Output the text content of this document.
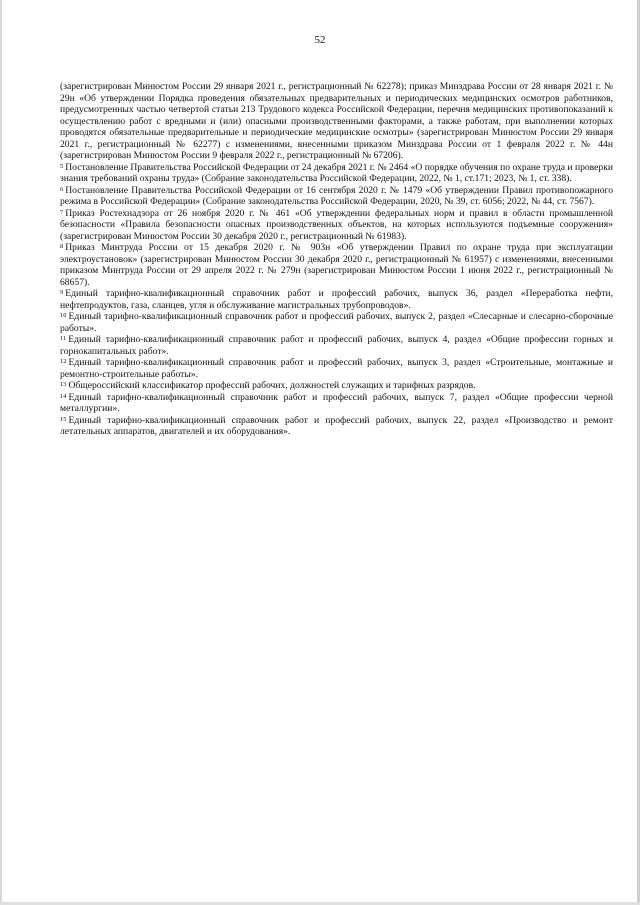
52

(зарегистрирован Минюстом России 29 января 2021 г., регистрационный № 62278); приказ Минздрава России от 28 января 2021 г. № 29н «Об утверждении Порядка проведения обязательных предварительных и периодических медицинских осмотров работников, предусмотренных частью четвертой статьи 213 Трудового кодекса Российской Федерации, перечня медицинских противопоказаний к осуществлению работ с вредными и (или) опасными производственными факторами, а также работам, при выполнении которых проводятся обязательные предварительные и периодические медицинские осмотры» (зарегистрирован Минюстом России 29 января 2021 г., регистрационный № 62277) с изменениями, внесенными приказом Минздрава России от 1 февраля 2022 г. № 44н (зарегистрирован Минюстом России 9 февраля 2022 г., регистрационный № 67206).

$^5$ Постановление Правительства Российской Федерации от 24 декабря 2021 г. № 2464 «О порядке обучения по охране труда и проверки знания требований охраны труда» (Собрание законодательства Российской Федерации, 2022, № 1, ст.171; 2023, № 1, ст. 338).

$^6$ Постановление Правительства Российской Федерации от 16 сентября 2020 г. № 1479 «Об утверждении Правил противопожарного режима в Российской Федерации» (Собрание законодательства Российской Федерации, 2020, № 39, ст. 6056; 2022, № 44, ст. 7567).

$^7$ Приказ Ростехнадзора от 26 ноября 2020 г. № 461 «Об утверждении федеральных норм и правил в области промышленной безопасности «Правила безопасности опасных производственных объектов, на которых используются подъемные сооружения» (зарегистрирован Минюстом России 30 декабря 2020 г., регистрационный № 61983).

$^8$ Приказ Минтруда России от 15 декабря 2020 г. № 903н «Об утверждении Правил по охране труда при эксплуатации электроустановок» (зарегистрирован Минюстом России 30 декабря 2020 г., регистрационный № 61957) с изменениями, внесенными приказом Минтруда России от 29 апреля 2022 г. № 279н (зарегистрирован Минюстом России 1 июня 2022 г., регистрационный № 68657).

$^9$ Единый тарифно-квалификационный справочник работ и профессий рабочих, выпуск 36, раздел «Переработка нефти, нефтепродуктов, газа, сланцев, угля и обслуживание магистральных трубопроводов».

$^{10}$ Единый тарифно-квалификационный справочник работ и профессий рабочих, выпуск 2, раздел «Слесарные и слесарно-сборочные работы».

$^{11}$ Единый тарифно-квалификационный справочник работ и профессий рабочих, выпуск 4, раздел «Общие профессии горных и горнокапитальных работ».

$^{12}$ Единый тарифно-квалификационный справочник работ и профессий рабочих, выпуск 3, раздел «Строительные, монтажные и ремонтно-строительные работы».

$^{13}$ Общероссийский классификатор профессий рабочих, должностей служащих и тарифных разрядов.

$^{14}$ Единый тарифно-квалификационный справочник работ и профессий рабочих, выпуск 7, раздел «Общие профессии черной металлургии».

$^{15}$ Единый тарифно-квалификационный справочник работ и профессий рабочих, выпуск 22, раздел «Производство и ремонт летательных аппаратов, двигателей и их оборудования».
